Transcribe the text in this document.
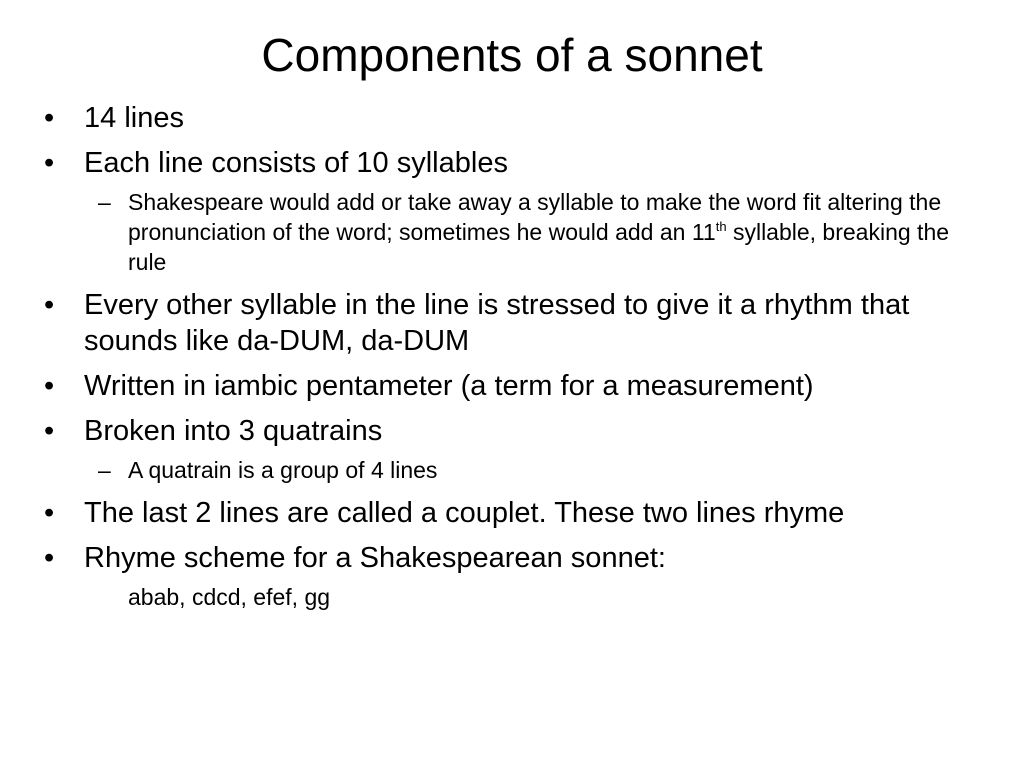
Components of a sonnet
• 14 lines
• Each line consists of 10 syllables
– Shakespeare would add or take away a syllable to make the word fit altering the pronunciation of the word; sometimes he would add an 11th syllable, breaking the rule
• Every other syllable in the line is stressed to give it a rhythm that sounds like da-DUM, da-DUM
• Written in iambic pentameter (a term for a measurement)
• Broken into 3 quatrains
– A quatrain is a group of 4 lines
• The last 2 lines are called a couplet. These two lines rhyme
• Rhyme scheme for a Shakespearean sonnet:
abab, cdcd, efef, gg
